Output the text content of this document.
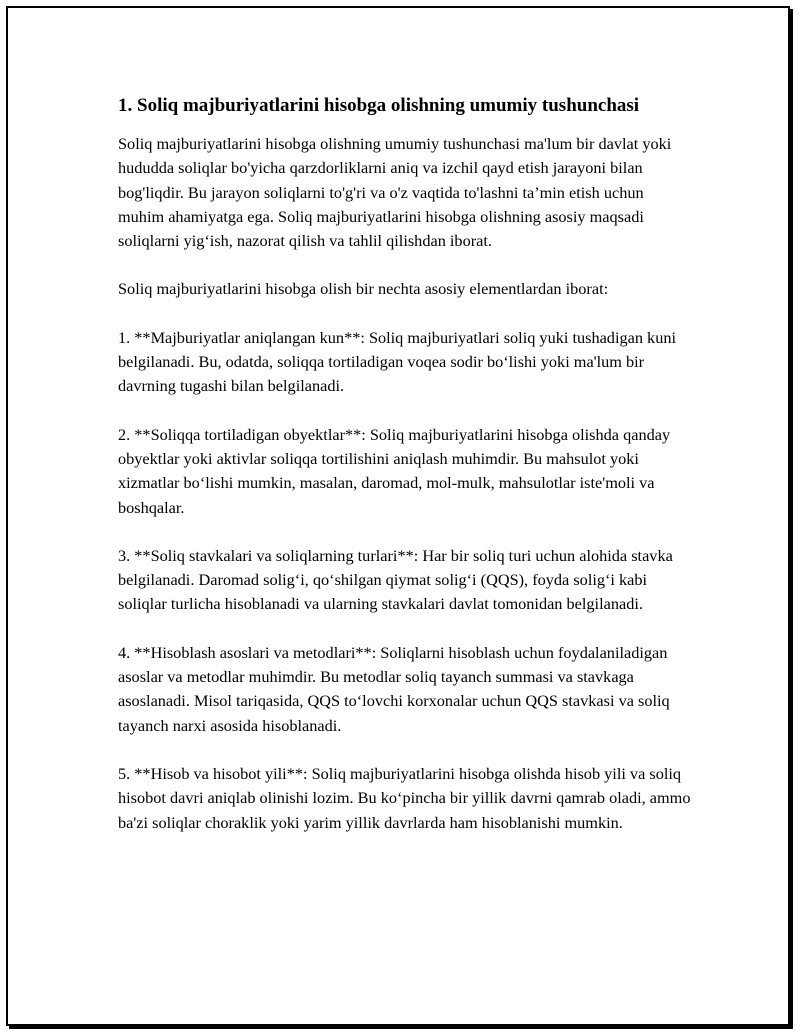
1. Soliq majburiyatlarini hisobga olishning umumiy tushunchasi

Soliq majburiyatlarini hisobga olishning umumiy tushunchasi ma'lum bir davlat yoki hududda soliqlar bo'yicha qarzdorliklarni aniq va izchil qayd etish jarayoni bilan bog'liqdir. Bu jarayon soliqlarni to'g'ri va o'z vaqtida to'lashni ta’min etish uchun muhim ahamiyatga ega. Soliq majburiyatlarini hisobga olishning asosiy maqsadi soliqlarni yig‘ish, nazorat qilish va tahlil qilishdan iborat.

Soliq majburiyatlarini hisobga olish bir nechta asosiy elementlardan iborat:

1. **Majburiyatlar aniqlangan kun**: Soliq majburiyatlari soliq yuki tushadigan kuni belgilanadi. Bu, odatda, soliqqa tortiladigan voqea sodir bo‘lishi yoki ma'lum bir davrning tugashi bilan belgilanadi.

2. **Soliqqa tortiladigan obyektlar**: Soliq majburiyatlarini hisobga olishda qanday obyektlar yoki aktivlar soliqqa tortilishini aniqlash muhimdir. Bu mahsulot yoki xizmatlar bo‘lishi mumkin, masalan, daromad, mol-mulk, mahsulotlar iste'moli va boshqalar.

3. **Soliq stavkalari va soliqlarning turlari**: Har bir soliq turi uchun alohida stavka belgilanadi. Daromad solig‘i, qo‘shilgan qiymat solig‘i (QQS), foyda solig‘i kabi soliqlar turlicha hisoblanadi va ularning stavkalari davlat tomonidan belgilanadi.

4. **Hisoblash asoslari va metodlari**: Soliqlarni hisoblash uchun foydalaniladigan asoslar va metodlar muhimdir. Bu metodlar soliq tayanch summasi va stavkaga asoslanadi. Misol tariqasida, QQS to‘lovchi korxonalar uchun QQS stavkasi va soliq tayanch narxi asosida hisoblanadi.

5. **Hisob va hisobot yili**: Soliq majburiyatlarini hisobga olishda hisob yili va soliq hisobot davri aniqlab olinishi lozim. Bu ko‘pincha bir yillik davrni qamrab oladi, ammo ba'zi soliqlar choraklik yoki yarim yillik davrlarda ham hisoblanishi mumkin.
